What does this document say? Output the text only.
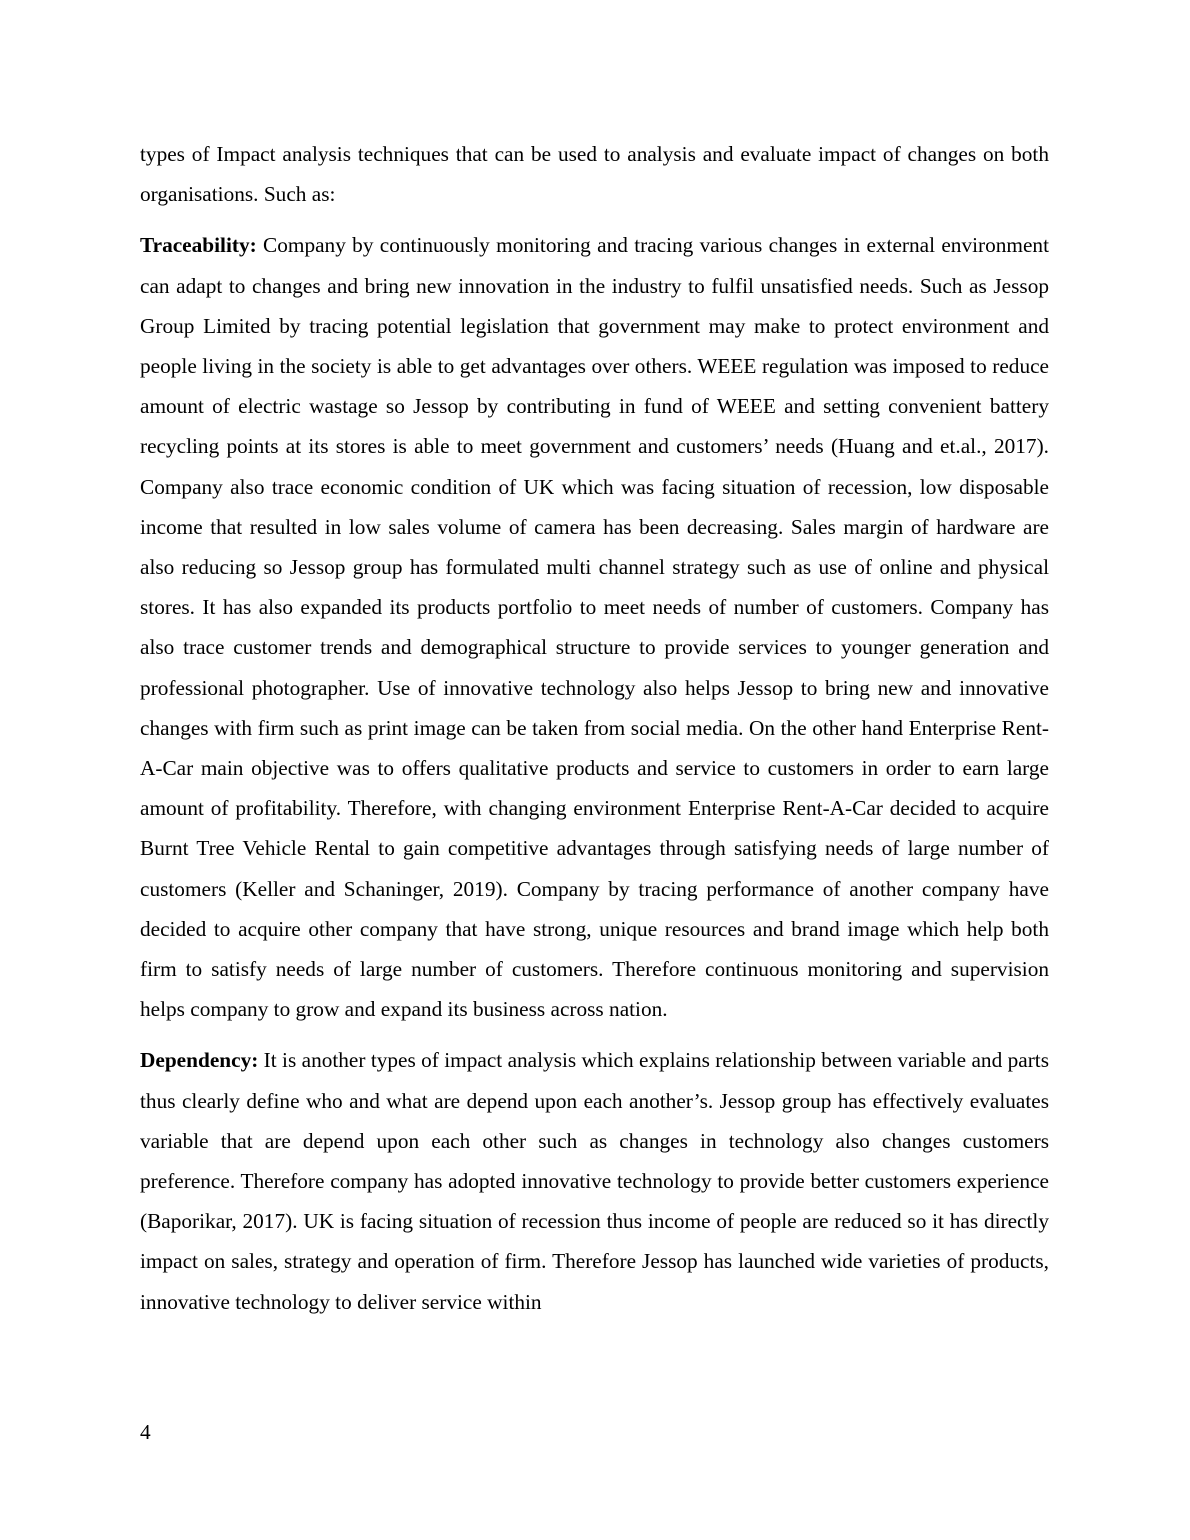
types of Impact analysis techniques that can be used to analysis and evaluate impact of changes on both organisations. Such as:

Traceability: Company by continuously monitoring and tracing various changes in external environment can adapt to changes and bring new innovation in the industry to fulfil unsatisfied needs. Such as Jessop Group Limited by tracing potential legislation that government may make to protect environment and people living in the society is able to get advantages over others. WEEE regulation was imposed to reduce amount of electric wastage so Jessop by contributing in fund of WEEE and setting convenient battery recycling points at its stores is able to meet government and customers’ needs (Huang and et.al., 2017). Company also trace economic condition of UK which was facing situation of recession, low disposable income that resulted in low sales volume of camera has been decreasing. Sales margin of hardware are also reducing so Jessop group has formulated multi channel strategy such as use of online and physical stores. It has also expanded its products portfolio to meet needs of number of customers. Company has also trace customer trends and demographical structure to provide services to younger generation and professional photographer. Use of innovative technology also helps Jessop to bring new and innovative changes with firm such as print image can be taken from social media. On the other hand Enterprise Rent-A-Car main objective was to offers qualitative products and service to customers in order to earn large amount of profitability. Therefore, with changing environment Enterprise Rent-A-Car decided to acquire Burnt Tree Vehicle Rental to gain competitive advantages through satisfying needs of large number of customers (Keller and Schaninger, 2019). Company by tracing performance of another company have decided to acquire other company that have strong, unique resources and brand image which help both firm to satisfy needs of large number of customers. Therefore continuous monitoring and supervision helps company to grow and expand its business across nation.

Dependency: It is another types of impact analysis which explains relationship between variable and parts thus clearly define who and what are depend upon each another’s. Jessop group has effectively evaluates variable that are depend upon each other such as changes in technology also changes customers preference. Therefore company has adopted innovative technology to provide better customers experience (Baporikar, 2017). UK is facing situation of recession thus income of people are reduced so it has directly impact on sales, strategy and operation of firm. Therefore Jessop has launched wide varieties of products, innovative technology to deliver service within

4
